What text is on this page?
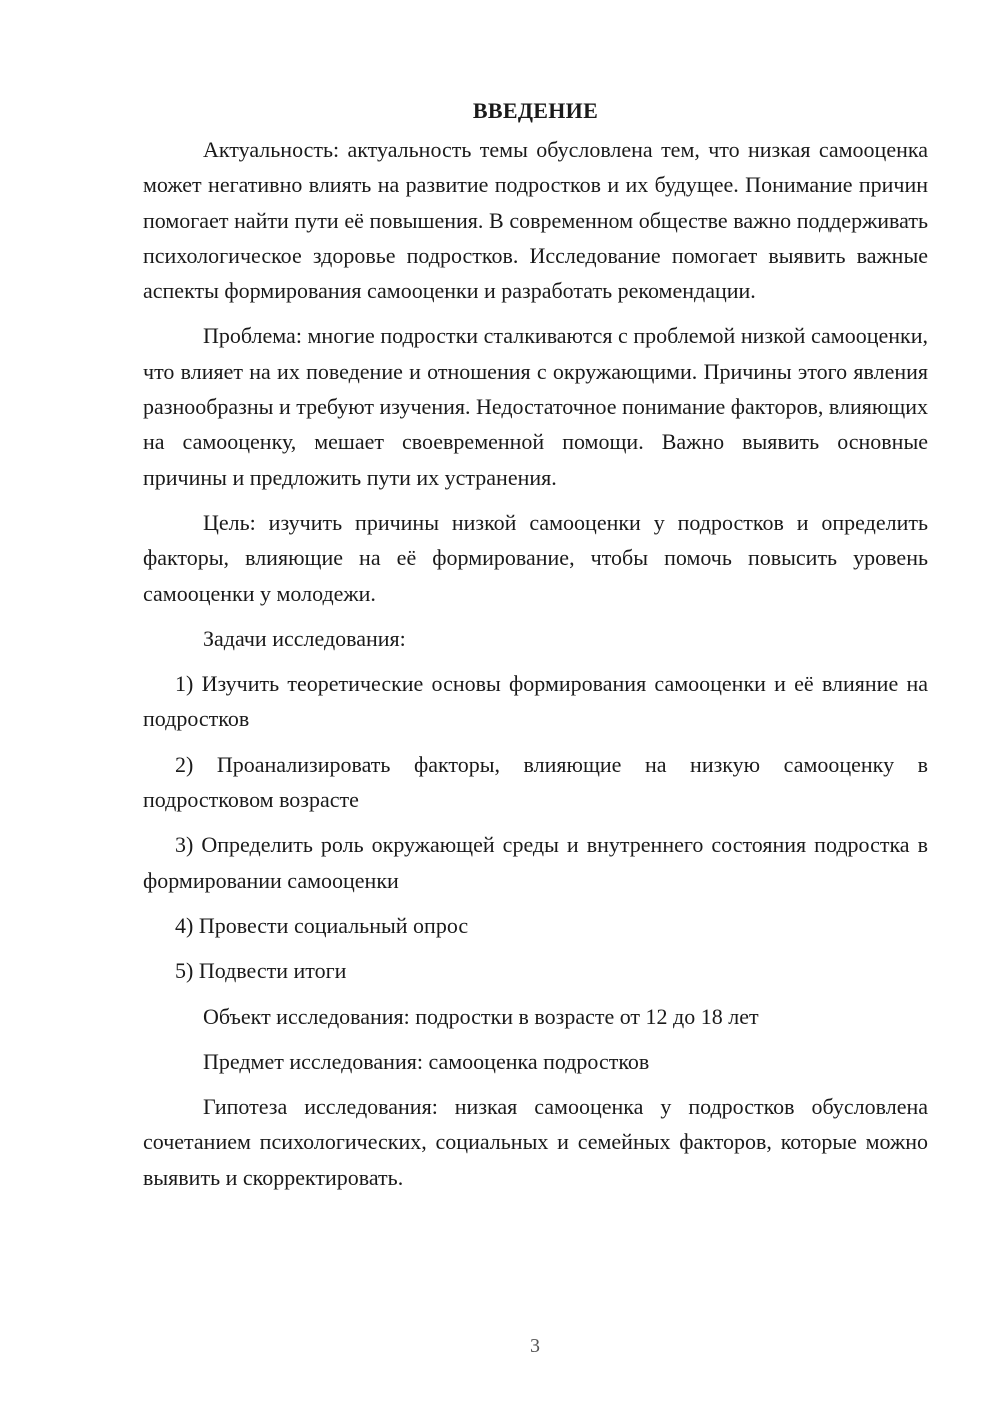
ВВЕДЕНИЕ

Актуальность: актуальность темы обусловлена тем, что низкая самооценка может негативно влиять на развитие подростков и их будущее. Понимание причин помогает найти пути её повышения. В современном обществе важно поддерживать психологическое здоровье подростков. Исследование помогает выявить важные аспекты формирования самооценки и разработать рекомендации.

Проблема: многие подростки сталкиваются с проблемой низкой самооценки, что влияет на их поведение и отношения с окружающими. Причины этого явления разнообразны и требуют изучения. Недостаточное понимание факторов, влияющих на самооценку, мешает своевременной помощи. Важно выявить основные причины и предложить пути их устранения.

Цель: изучить причины низкой самооценки у подростков и определить факторы, влияющие на её формирование, чтобы помочь повысить уровень самооценки у молодежи.

Задачи исследования:

1) Изучить теоретические основы формирования самооценки и её влияние на подростков

2) Проанализировать факторы, влияющие на низкую самооценку в подростковом возрасте

3) Определить роль окружающей среды и внутреннего состояния подростка в формировании самооценки

4) Провести социальный опрос

5) Подвести итоги

Объект исследования: подростки в возрасте от 12 до 18 лет

Предмет исследования: самооценка подростков

Гипотеза исследования: низкая самооценка у подростков обусловлена сочетанием психологических, социальных и семейных факторов, которые можно выявить и скорректировать.

3
